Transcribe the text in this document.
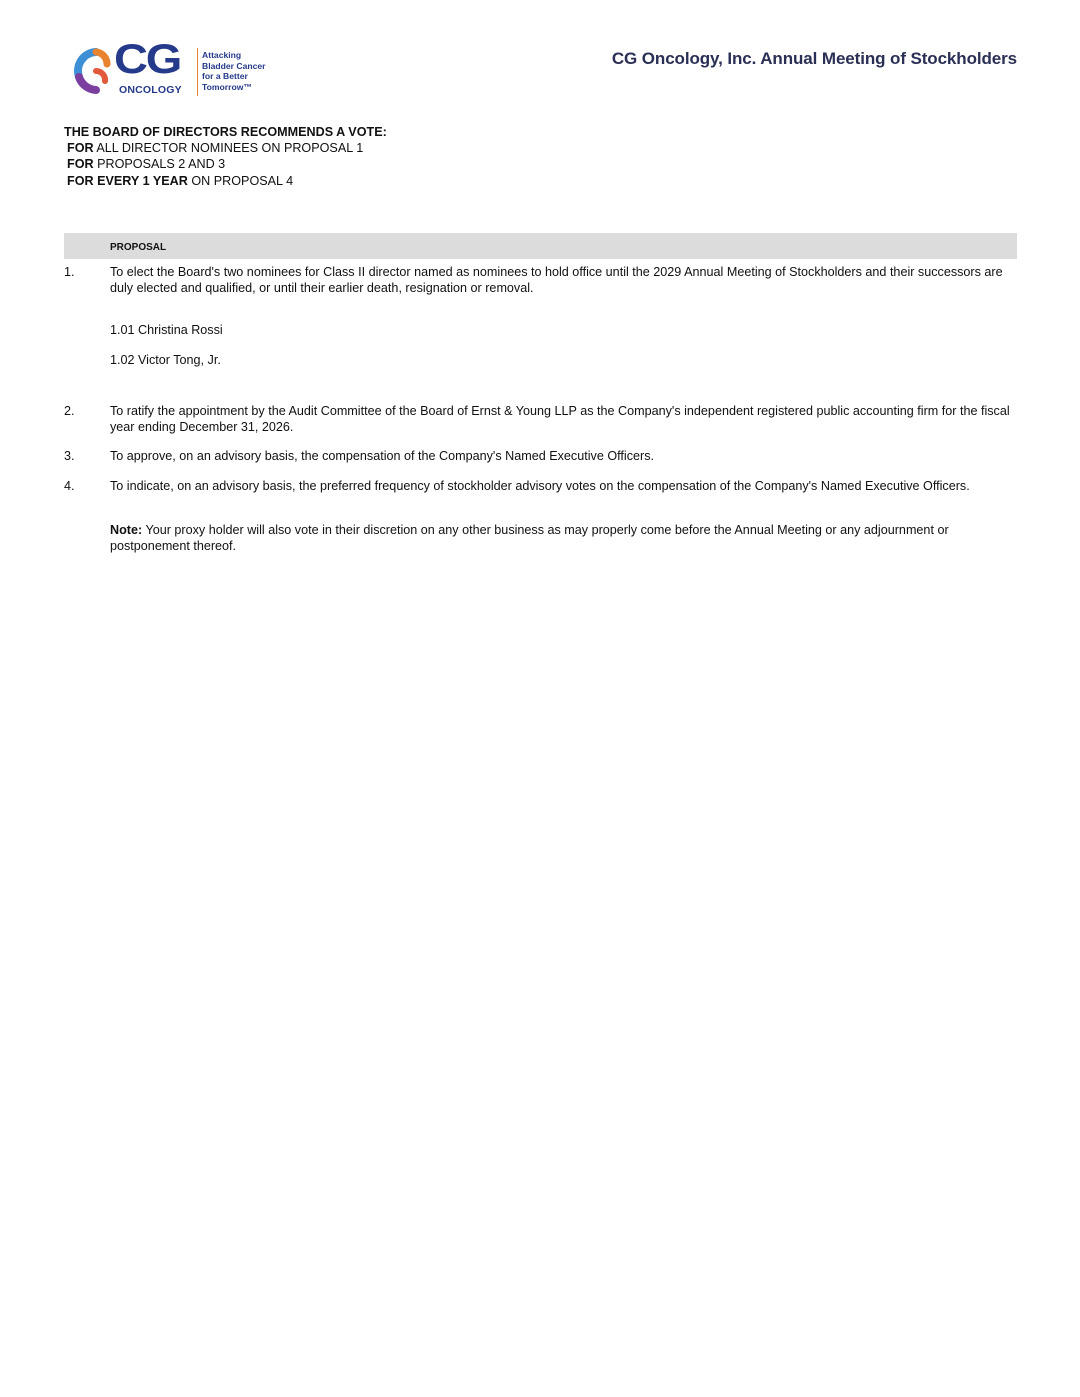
CG
ONCOLOGY
Attacking
Bladder Cancer
for a Better
Tomorrow™
CG Oncology, Inc. Annual Meeting of Stockholders
THE BOARD OF DIRECTORS RECOMMENDS A VOTE:
FOR ALL DIRECTOR NOMINEES ON PROPOSAL 1
FOR PROPOSALS 2 AND 3
FOR EVERY 1 YEAR ON PROPOSAL 4
PROPOSAL
1.	To elect the Board's two nominees for Class II director named as nominees to hold office until the 2029 Annual Meeting of Stockholders and their successors are duly elected and qualified, or until their earlier death, resignation or removal.
1.01 Christina Rossi
1.02 Victor Tong, Jr.
2.	To ratify the appointment by the Audit Committee of the Board of Ernst & Young LLP as the Company's independent registered public accounting firm for the fiscal year ending December 31, 2026.
3.	To approve, on an advisory basis, the compensation of the Company's Named Executive Officers.
4.	To indicate, on an advisory basis, the preferred frequency of stockholder advisory votes on the compensation of the Company's Named Executive Officers.
Note: Your proxy holder will also vote in their discretion on any other business as may properly come before the Annual Meeting or any adjournment or postponement thereof.
